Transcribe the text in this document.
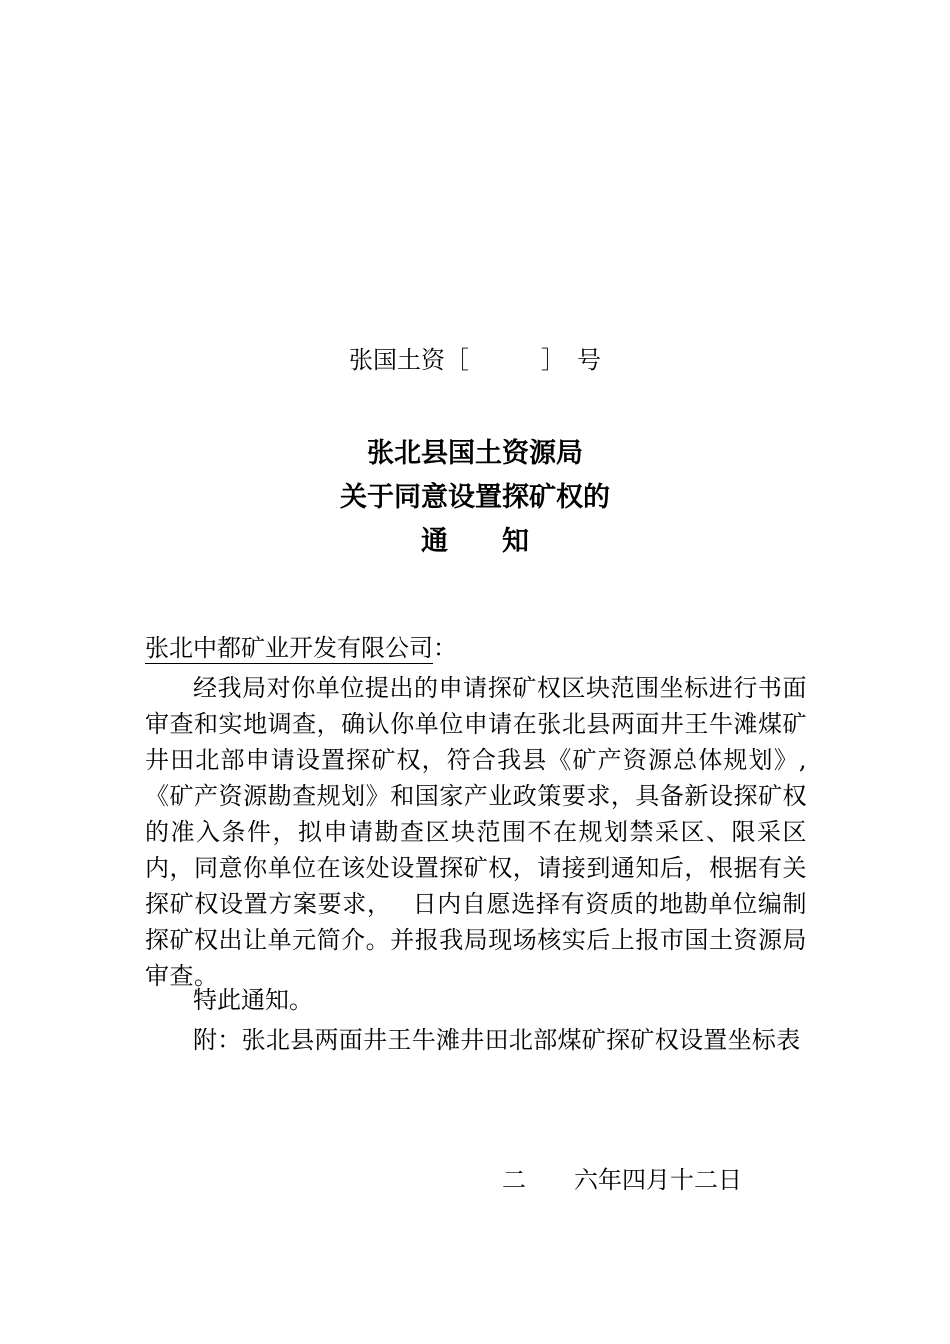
张国土资［　　　］　号
张北县国土资源局
关于同意设置探矿权的
通　　知
张北中都矿业开发有限公司：

经我局对你单位提出的申请探矿权区块范围坐标进行书面审查和实地调查，确认你单位申请在张北县两面井王牛滩煤矿井田北部申请设置探矿权，符合我县《矿产资源总体规划》,《矿产资源勘查规划》和国家产业政策要求，具备新设探矿权的准入条件，拟申请勘查区块范围不在规划禁采区、限采区内，同意你单位在该处设置探矿权，请接到通知后，根据有关探矿权设置方案要求，　 日内自愿选择有资质的地勘单位编制探矿权出让单元简介。并报我局现场核实后上报市国土资源局审查。

特此通知。

附：张北县两面井王牛滩井田北部煤矿探矿权设置坐标表

二　　六年四月十二日
